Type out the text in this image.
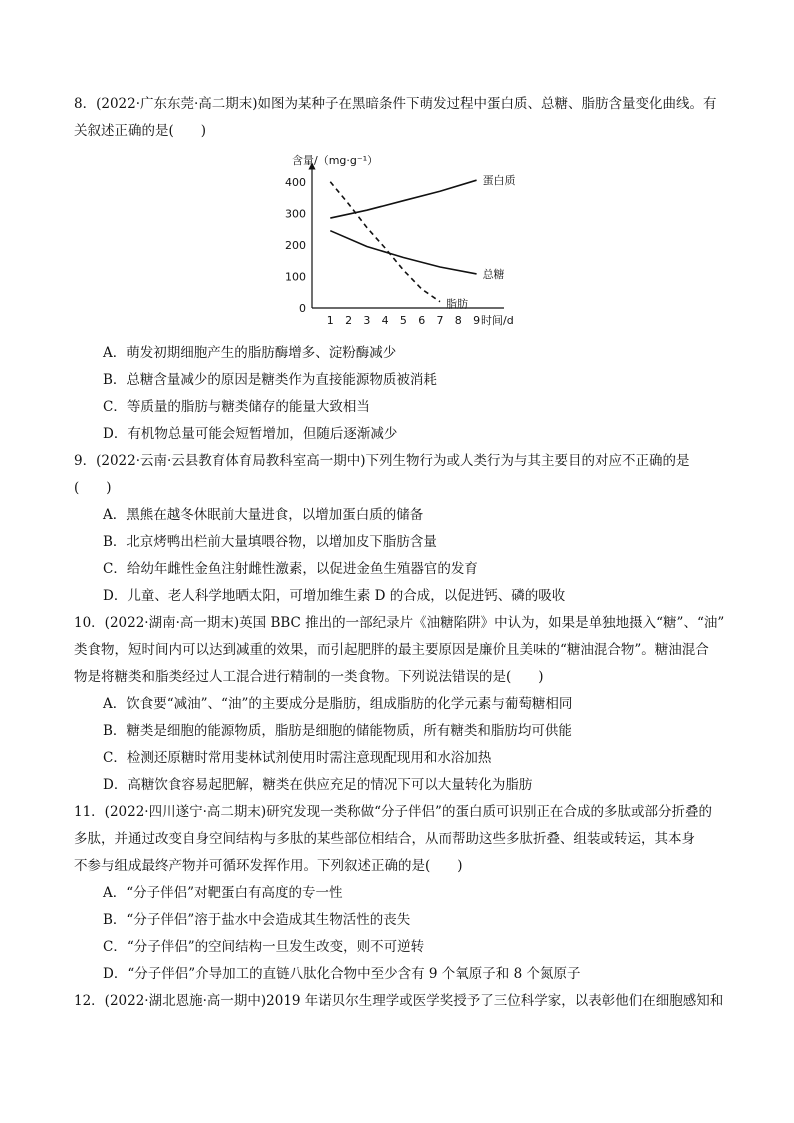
8．(2022·广东东莞·高二期末)如图为某种子在黑暗条件下萌发过程中蛋白质、总糖、脂肪含量变化曲线。有
关叙述正确的是(　　)
含量/（mg·g⁻¹）
0
100
200
300
400
1 2 3 4 5 6 7 8 9 时间/d
蛋白质
总糖
脂肪
A．萌发初期细胞产生的脂肪酶增多、淀粉酶减少
B．总糖含量减少的原因是糖类作为直接能源物质被消耗
C．等质量的脂肪与糖类储存的能量大致相当
D．有机物总量可能会短暂增加，但随后逐渐减少
9．(2022·云南·云县教育体育局教科室高一期中)下列生物行为或人类行为与其主要目的对应不正确的是
(　　)
A．黑熊在越冬休眠前大量进食，以增加蛋白质的储备
B．北京烤鸭出栏前大量填喂谷物，以增加皮下脂肪含量
C．给幼年雌性金鱼注射雌性激素，以促进金鱼生殖器官的发育
D．儿童、老人科学地晒太阳，可增加维生素 D 的合成，以促进钙、磷的吸收
10．(2022·湖南·高一期末)英国 BBC 推出的一部纪录片《油糖陷阱》中认为，如果是单独地摄入“糖”、“油”
类食物，短时间内可以达到减重的效果，而引起肥胖的最主要原因是廉价且美味的“糖油混合物”。糖油混合
物是将糖类和脂类经过人工混合进行精制的一类食物。下列说法错误的是(　　)
A．饮食要“减油”、“油”的主要成分是脂肪，组成脂肪的化学元素与葡萄糖相同
B．糖类是细胞的能源物质，脂肪是细胞的储能物质，所有糖类和脂肪均可供能
C．检测还原糖时常用斐林试剂使用时需注意现配现用和水浴加热
D．高糖饮食容易起肥解，糖类在供应充足的情况下可以大量转化为脂肪
11．(2022·四川遂宁·高二期末)研究发现一类称做“分子伴侣”的蛋白质可识别正在合成的多肽或部分折叠的
多肽，并通过改变自身空间结构与多肽的某些部位相结合，从而帮助这些多肽折叠、组装或转运，其本身
不参与组成最终产物并可循环发挥作用。下列叙述正确的是(　　)
A．“分子伴侣”对靶蛋白有高度的专一性
B．“分子伴侣”溶于盐水中会造成其生物活性的丧失
C．“分子伴侣”的空间结构一旦发生改变，则不可逆转
D．“分子伴侣”介导加工的直链八肽化合物中至少含有 9 个氧原子和 8 个氮原子
12．(2022·湖北恩施·高一期中)2019 年诺贝尔生理学或医学奖授予了三位科学家，以表彰他们在细胞感知和
